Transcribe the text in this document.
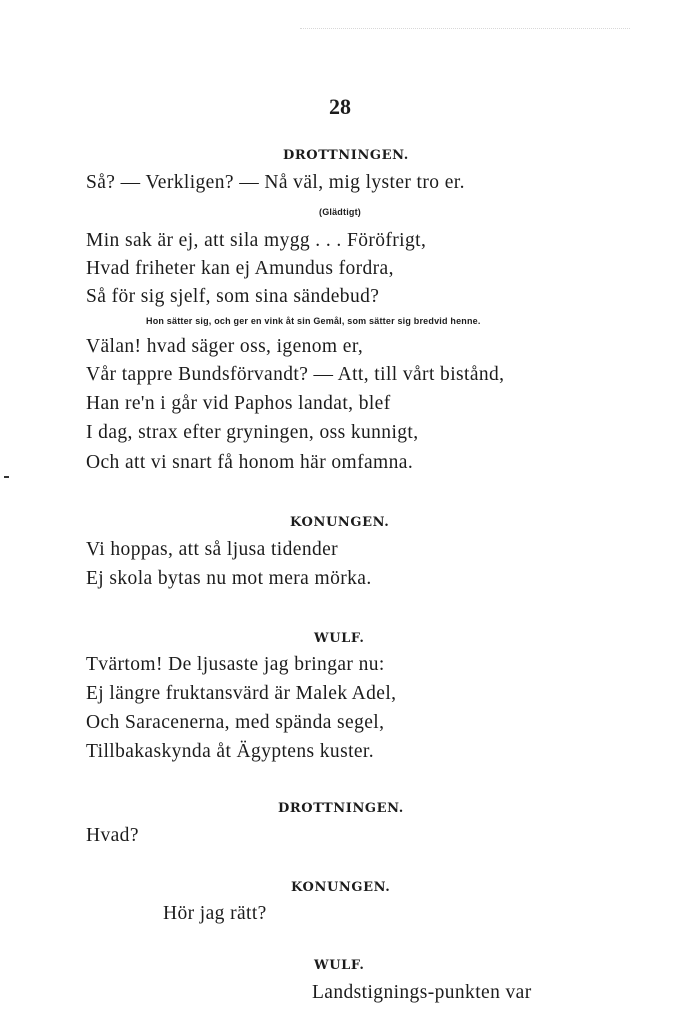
28
DROTTNINGEN.
Så? — Verkligen? — Nå väl, mig lyster tro er.
(Glädtigt)
Min sak är ej, att sila mygg . . . Föröfrigt,
Hvad friheter kan ej Amundus fordra,
Så för sig sjelf, som sina sändebud?
Hon sätter sig, och ger en vink åt sin Gemål, som sätter sig bredvid henne.
Välan! hvad säger oss, igenom er,
Vår tappre Bundsförvandt? — Att, till vårt bistånd,
Han re'n i går vid Paphos landat, blef
I dag, strax efter gryningen, oss kunnigt,
Och att vi snart få honom här omfamna.
KONUNGEN.
Vi hoppas, att så ljusa tidender
Ej skola bytas nu mot mera mörka.
WULF.
Tvärtom! De ljusaste jag bringar nu:
Ej längre fruktansvärd är Malek Adel,
Och Saracenerna, med spända segel,
Tillbakaskynda åt Ägyptens kuster.
DROTTNINGEN.
Hvad?
KONUNGEN.
Hör jag rätt?
WULF.
Landstignings-punkten var
